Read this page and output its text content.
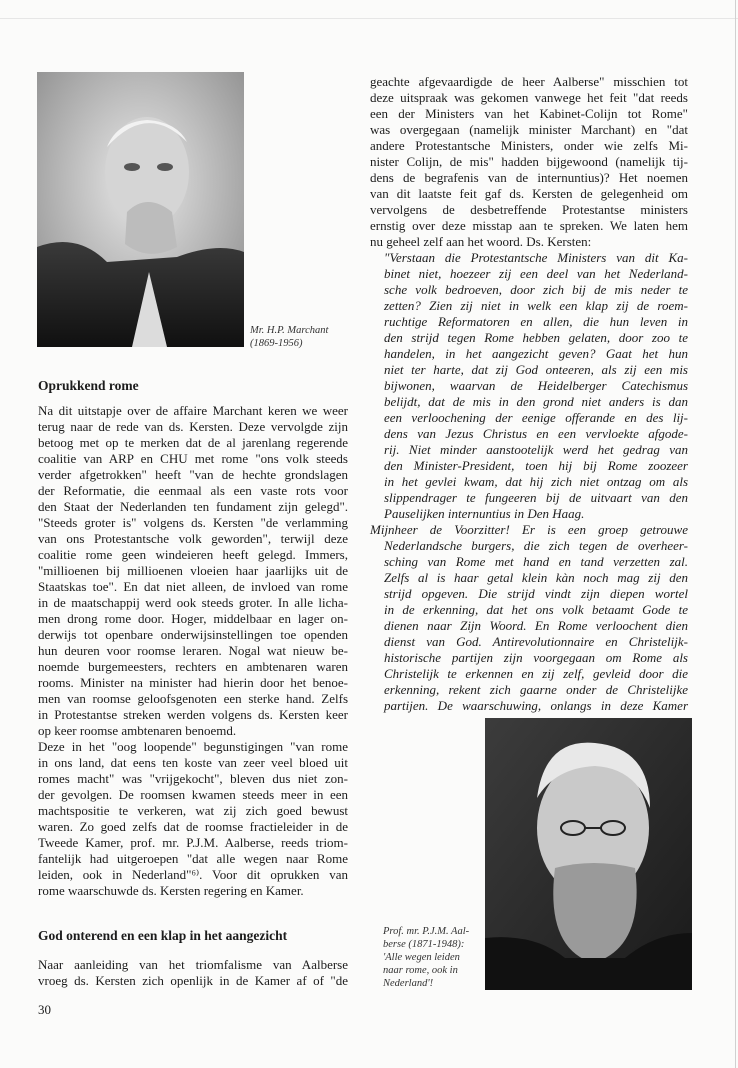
Mr. H.P. Marchant
(1869-1956)
Oprukkend rome
Na dit uitstapje over de affaire Marchant keren we weer
terug naar de rede van ds. Kersten. Deze vervolgde zijn
betoog met op te merken dat de al jarenlang regerende
coalitie van ARP en CHU met rome "ons volk steeds
verder afgetrokken" heeft "van de hechte grondslagen
der Reformatie, die eenmaal als een vaste rots voor
den Staat der Nederlanden ten fundament zijn gelegd".
"Steeds groter is" volgens ds. Kersten "de verlamming
van ons Protestantsche volk geworden", terwijl deze
coalitie rome geen windeieren heeft gelegd. Immers,
"millioenen bij millioenen vloeien haar jaarlijks uit de
Staatskas toe". En dat niet alleen, de invloed van rome
in de maatschappij werd ook steeds groter. In alle licha-
men drong rome door. Hoger, middelbaar en lager on-
derwijs tot openbare onderwijsinstellingen toe openden
hun deuren voor roomse leraren. Nogal wat nieuw be-
noemde burgemeesters, rechters en ambtenaren waren
rooms. Minister na minister had hierin door het benoe-
men van roomse geloofsgenoten een sterke hand. Zelfs
in Protestantse streken werden volgens ds. Kersten keer
op keer roomse ambtenaren benoemd.
Deze in het "oog loopende" begunstigingen "van rome
in ons land, dat eens ten koste van zeer veel bloed uit
romes macht" was "vrijgekocht", bleven dus niet zon-
der gevolgen. De roomsen kwamen steeds meer in een
machtspositie te verkeren, wat zij zich goed bewust
waren. Zo goed zelfs dat de roomse fractieleider in de
Tweede Kamer, prof. mr. P.J.M. Aalberse, reeds triom-
fantelijk had uitgeroepen "dat alle wegen naar Rome
leiden, ook in Nederland"⁶⁾. Voor dit oprukken van
rome waarschuwde ds. Kersten regering en Kamer.
God onterend en een klap in het aangezicht
Naar aanleiding van het triomfalisme van Aalberse
vroeg ds. Kersten zich openlijk in de Kamer af of "de
geachte afgevaardigde de heer Aalberse" misschien tot
deze uitspraak was gekomen vanwege het feit "dat reeds
een der Ministers van het Kabinet-Colijn tot Rome"
was overgegaan (namelijk minister Marchant) en "dat
andere Protestantsche Ministers, onder wie zelfs Mi-
nister Colijn, de mis" hadden bijgewoond (namelijk tij-
dens de begrafenis van de internuntius)? Het noemen
van dit laatste feit gaf ds. Kersten de gelegenheid om
vervolgens de desbetreffende Protestantse ministers
ernstig over deze misstap aan te spreken. We laten hem
nu geheel zelf aan het woord. Ds. Kersten:
"Verstaan die Protestantsche Ministers van dit Ka-
binet niet, hoezeer zij een deel van het Nederland-
sche volk bedroeven, door zich bij de mis neder te
zetten? Zien zij niet in welk een klap zij de roem-
ruchtige Reformatoren en allen, die hun leven in
den strijd tegen Rome hebben gelaten, door zoo te
handelen, in het aangezicht geven? Gaat het hun
niet ter harte, dat zij God onteeren, als zij een mis
bijwonen, waarvan de Heidelberger Catechismus
belijdt, dat de mis in den grond niet anders is dan
een verloochening der eenige offerande en des lij-
dens van Jezus Christus en een vervloekte afgode-
rij. Niet minder aanstootelijk werd het gedrag van
den Minister-President, toen hij bij Rome zoozeer
in het gevlei kwam, dat hij zich niet ontzag om als
slippendrager te fungeeren bij de uitvaart van den
Pauselijken internuntius in Den Haag.
Mijnheer de Voorzitter! Er is een groep getrouwe
Nederlandsche burgers, die zich tegen de overheer-
sching van Rome met hand en tand verzetten zal.
Zelfs al is haar getal klein kàn noch mag zij den
strijd opgeven. Die strijd vindt zijn diepen wortel
in de erkenning, dat het ons volk betaamt Gode te
dienen naar Zijn Woord. En Rome verloochent dien
dienst van God. Antirevolutionnaire en Christelijk-
historische partijen zijn voorgegaan om Rome als
Christelijk te erkennen en zij zelf, gevleid door die
erkenning, rekent zich gaarne onder de Christelijke
partijen. De waarschuwing, onlangs in deze Kamer
Prof. mr. P.J.M. Aal-
berse (1871-1948):
'Alle wegen leiden
naar rome, ook in
Nederland'!
30
